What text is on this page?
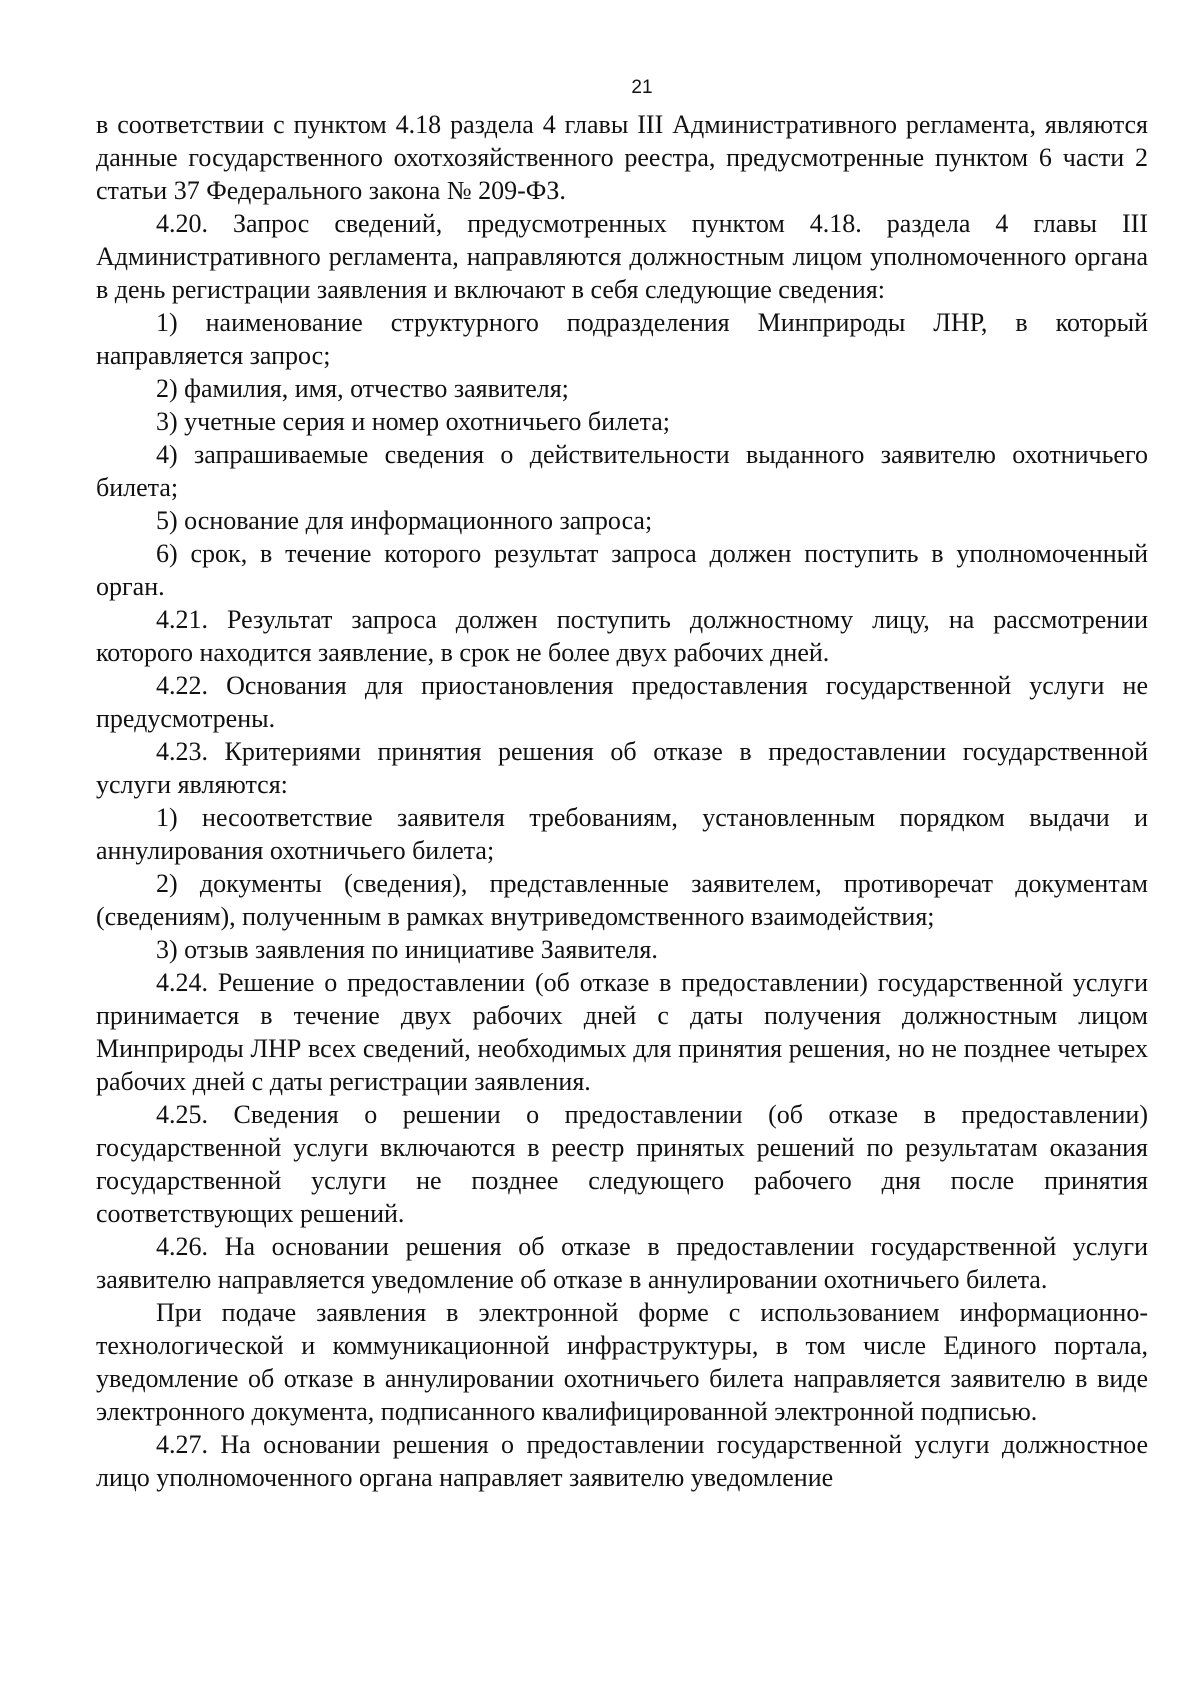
21

в соответствии с пунктом 4.18 раздела 4 главы III Административного регламента, являются данные государственного охотхозяйственного реестра, предусмотренные пунктом 6 части 2 статьи 37 Федерального закона № 209-ФЗ.

4.20. Запрос сведений, предусмотренных пунктом 4.18. раздела 4 главы III Административного регламента, направляются должностным лицом уполномоченного органа в день регистрации заявления и включают в себя следующие сведения:

1) наименование структурного подразделения Минприроды ЛНР, в который направляется запрос;

2) фамилия, имя, отчество заявителя;

3) учетные серия и номер охотничьего билета;

4) запрашиваемые сведения о действительности выданного заявителю охотничьего билета;

5) основание для информационного запроса;

6) срок, в течение которого результат запроса должен поступить в уполномоченный орган.

4.21. Результат запроса должен поступить должностному лицу, на рассмотрении которого находится заявление, в срок не более двух рабочих дней.

4.22. Основания для приостановления предоставления государственной услуги не предусмотрены.

4.23. Критериями принятия решения об отказе в предоставлении государственной услуги являются:

1) несоответствие заявителя требованиям, установленным порядком выдачи и аннулирования охотничьего билета;

2) документы (сведения), представленные заявителем, противоречат документам (сведениям), полученным в рамках внутриведомственного взаимодействия;

3) отзыв заявления по инициативе Заявителя.

4.24. Решение о предоставлении (об отказе в предоставлении) государственной услуги принимается в течение двух рабочих дней с даты получения должностным лицом Минприроды ЛНР всех сведений, необходимых для принятия решения, но не позднее четырех рабочих дней с даты регистрации заявления.

4.25. Сведения о решении о предоставлении (об отказе в предоставлении) государственной услуги включаются в реестр принятых решений по результатам оказания государственной услуги не позднее следующего рабочего дня после принятия соответствующих решений.

4.26. На основании решения об отказе в предоставлении государственной услуги заявителю направляется уведомление об отказе в аннулировании охотничьего билета.

При подаче заявления в электронной форме с использованием информационно-технологической и коммуникационной инфраструктуры, в том числе Единого портала, уведомление об отказе в аннулировании охотничьего билета направляется заявителю в виде электронного документа, подписанного квалифицированной электронной подписью.

4.27. На основании решения о предоставлении государственной услуги должностное лицо уполномоченного органа направляет заявителю уведомление
